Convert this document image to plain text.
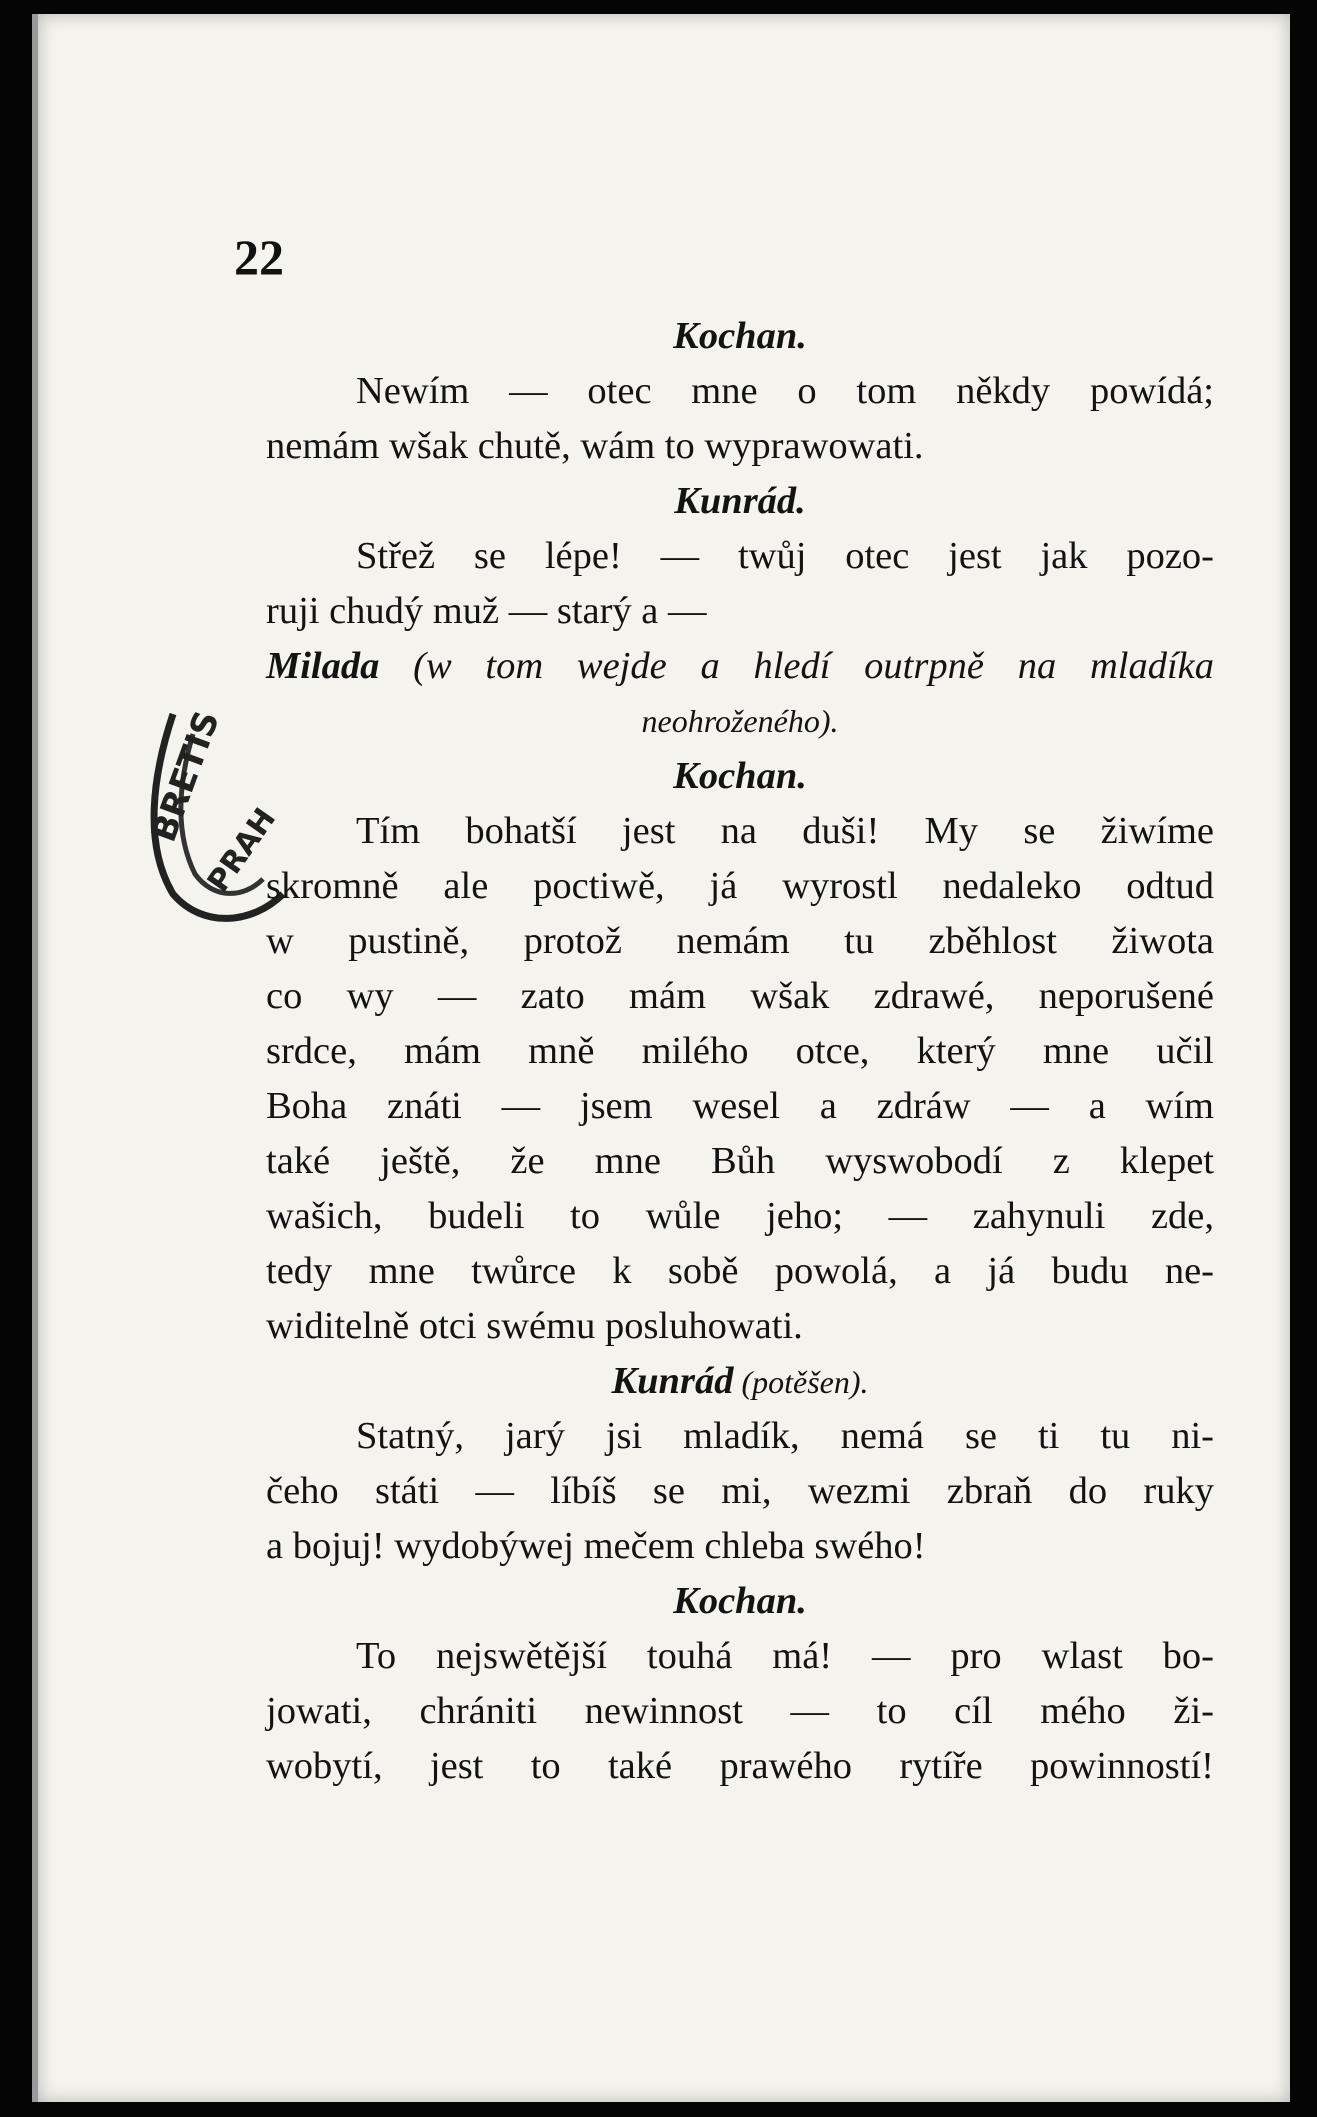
BRETIS
PRAH
22
Kochan.
Newím — otec mne o tom někdy powídá;
nemám wšak chutě, wám to wyprawowati.
Kunrád.
Střež se lépe! — twůj otec jest jak pozo-
ruji chudý muž — starý a —
Milada (w tom wejde a hledí outrpně na mladíka
neohroženého).
Kochan.
Tím bohatší jest na duši! My se žiwíme
skromně ale poctiwě, já wyrostl nedaleko odtud
w pustině, protož nemám tu zběhlost žiwota
co wy — zato mám wšak zdrawé, neporušené
srdce, mám mně milého otce, který mne učil
Boha znáti — jsem wesel a zdráw — a wím
také ještě, že mne Bůh wyswobodí z klepet
wašich, budeli to wůle jeho; — zahynuli zde,
tedy mne twůrce k sobě powolá, a já budu ne-
widitelně otci swému posluhowati.
Kunrád (potěšen).
Statný, jarý jsi mladík, nemá se ti tu ni-
čeho státi — líbíš se mi, wezmi zbraň do ruky
a bojuj! wydobýwej mečem chleba swého!
Kochan.
To nejswětější touhá má! — pro wlast bo-
jowati, chrániti newinnost — to cíl mého ži-
wobytí, jest to také prawého rytíře powinností!
